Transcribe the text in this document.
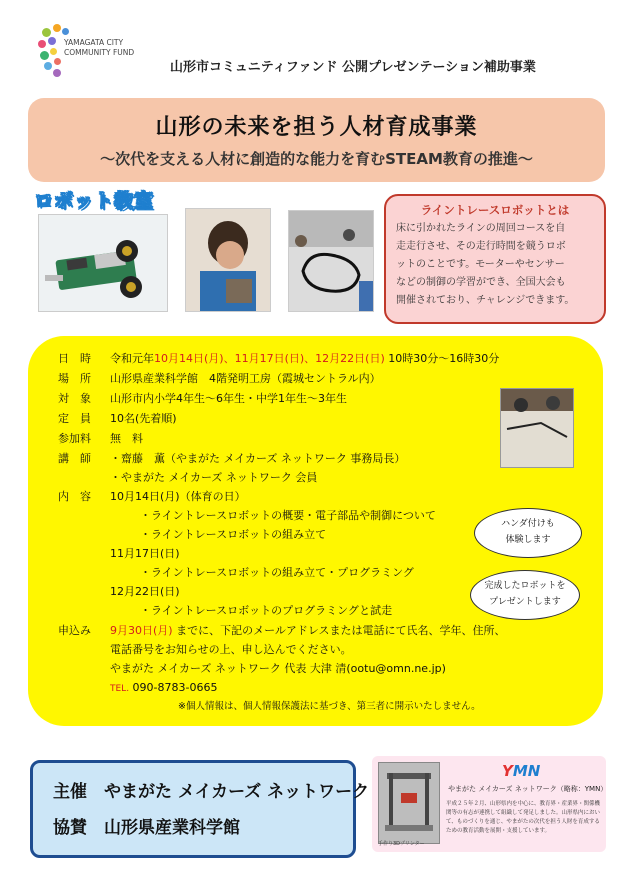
YAMAGATA CITY
COMMUNITY FUND
山形市コミュニティファンド 公開プレゼンテーション補助事業
山形の未来を担う人材育成事業
～次代を支える人材に創造的な能力を育むSTEAM教育の推進～
ロボット教室	ライントレースロボットとは
床に引かれたラインの周回コースを自
走走行させ、その走行時間を競うロボ
ットのことです。モーターやセンサー
などの制御の学習ができ、全国大会も
開催されており、チャレンジできます。
日　時 令和元年10月14日(月)、11月17日(日)、12月22日(日) 10時30分～16時30分
場　所 山形県産業科学館　4階発明工房（霞城セントラル内）
対　象 山形市内小学4年生～6年生・中学1年生～3年生
定　員 10名(先着順)
参加料 無　料
講　師 ・齋藤　薫（やまがた メイカーズ ネットワーク 事務局長）
・やまがた メイカーズ ネットワーク 会員
内　容 10月14日(月)（体育の日）
・ライントレースロボットの概要・電子部品や制御について
・ライントレースロボットの組み立て
11月17日(日)
・ライントレースロボットの組み立て・プログラミング
12月22日(日)
・ライントレースロボットのプログラミングと試走
申込み 9月30日(月) までに、下記のメールアドレスまたは電話にて氏名、学年、住所、
電話番号をお知らせの上、申し込んでください。
やまがた メイカーズ ネットワーク 代表 大津 清(ootu@omn.ne.jp)
TEL. 090-8783-0665
※個人情報は、個人情報保護法に基づき、第三者に開示いたしません。
ハンダ付けも
体験します
完成したロボットを
プレゼントします
主催　やまがた メイカーズ ネットワーク
協賛　山形県産業科学館
YMN
やまがた メイカーズ ネットワーク（略称：YMN）
平成２５年２月、山形県内を中心に、教育界・産業界・関係機関等の有志が連携して組織して発足しました。山形県内において、ものづくりを通じ、やまがたの次代を担う人財を育成するための教育活動を展開・支援しています。
手作り3Dプリンター
